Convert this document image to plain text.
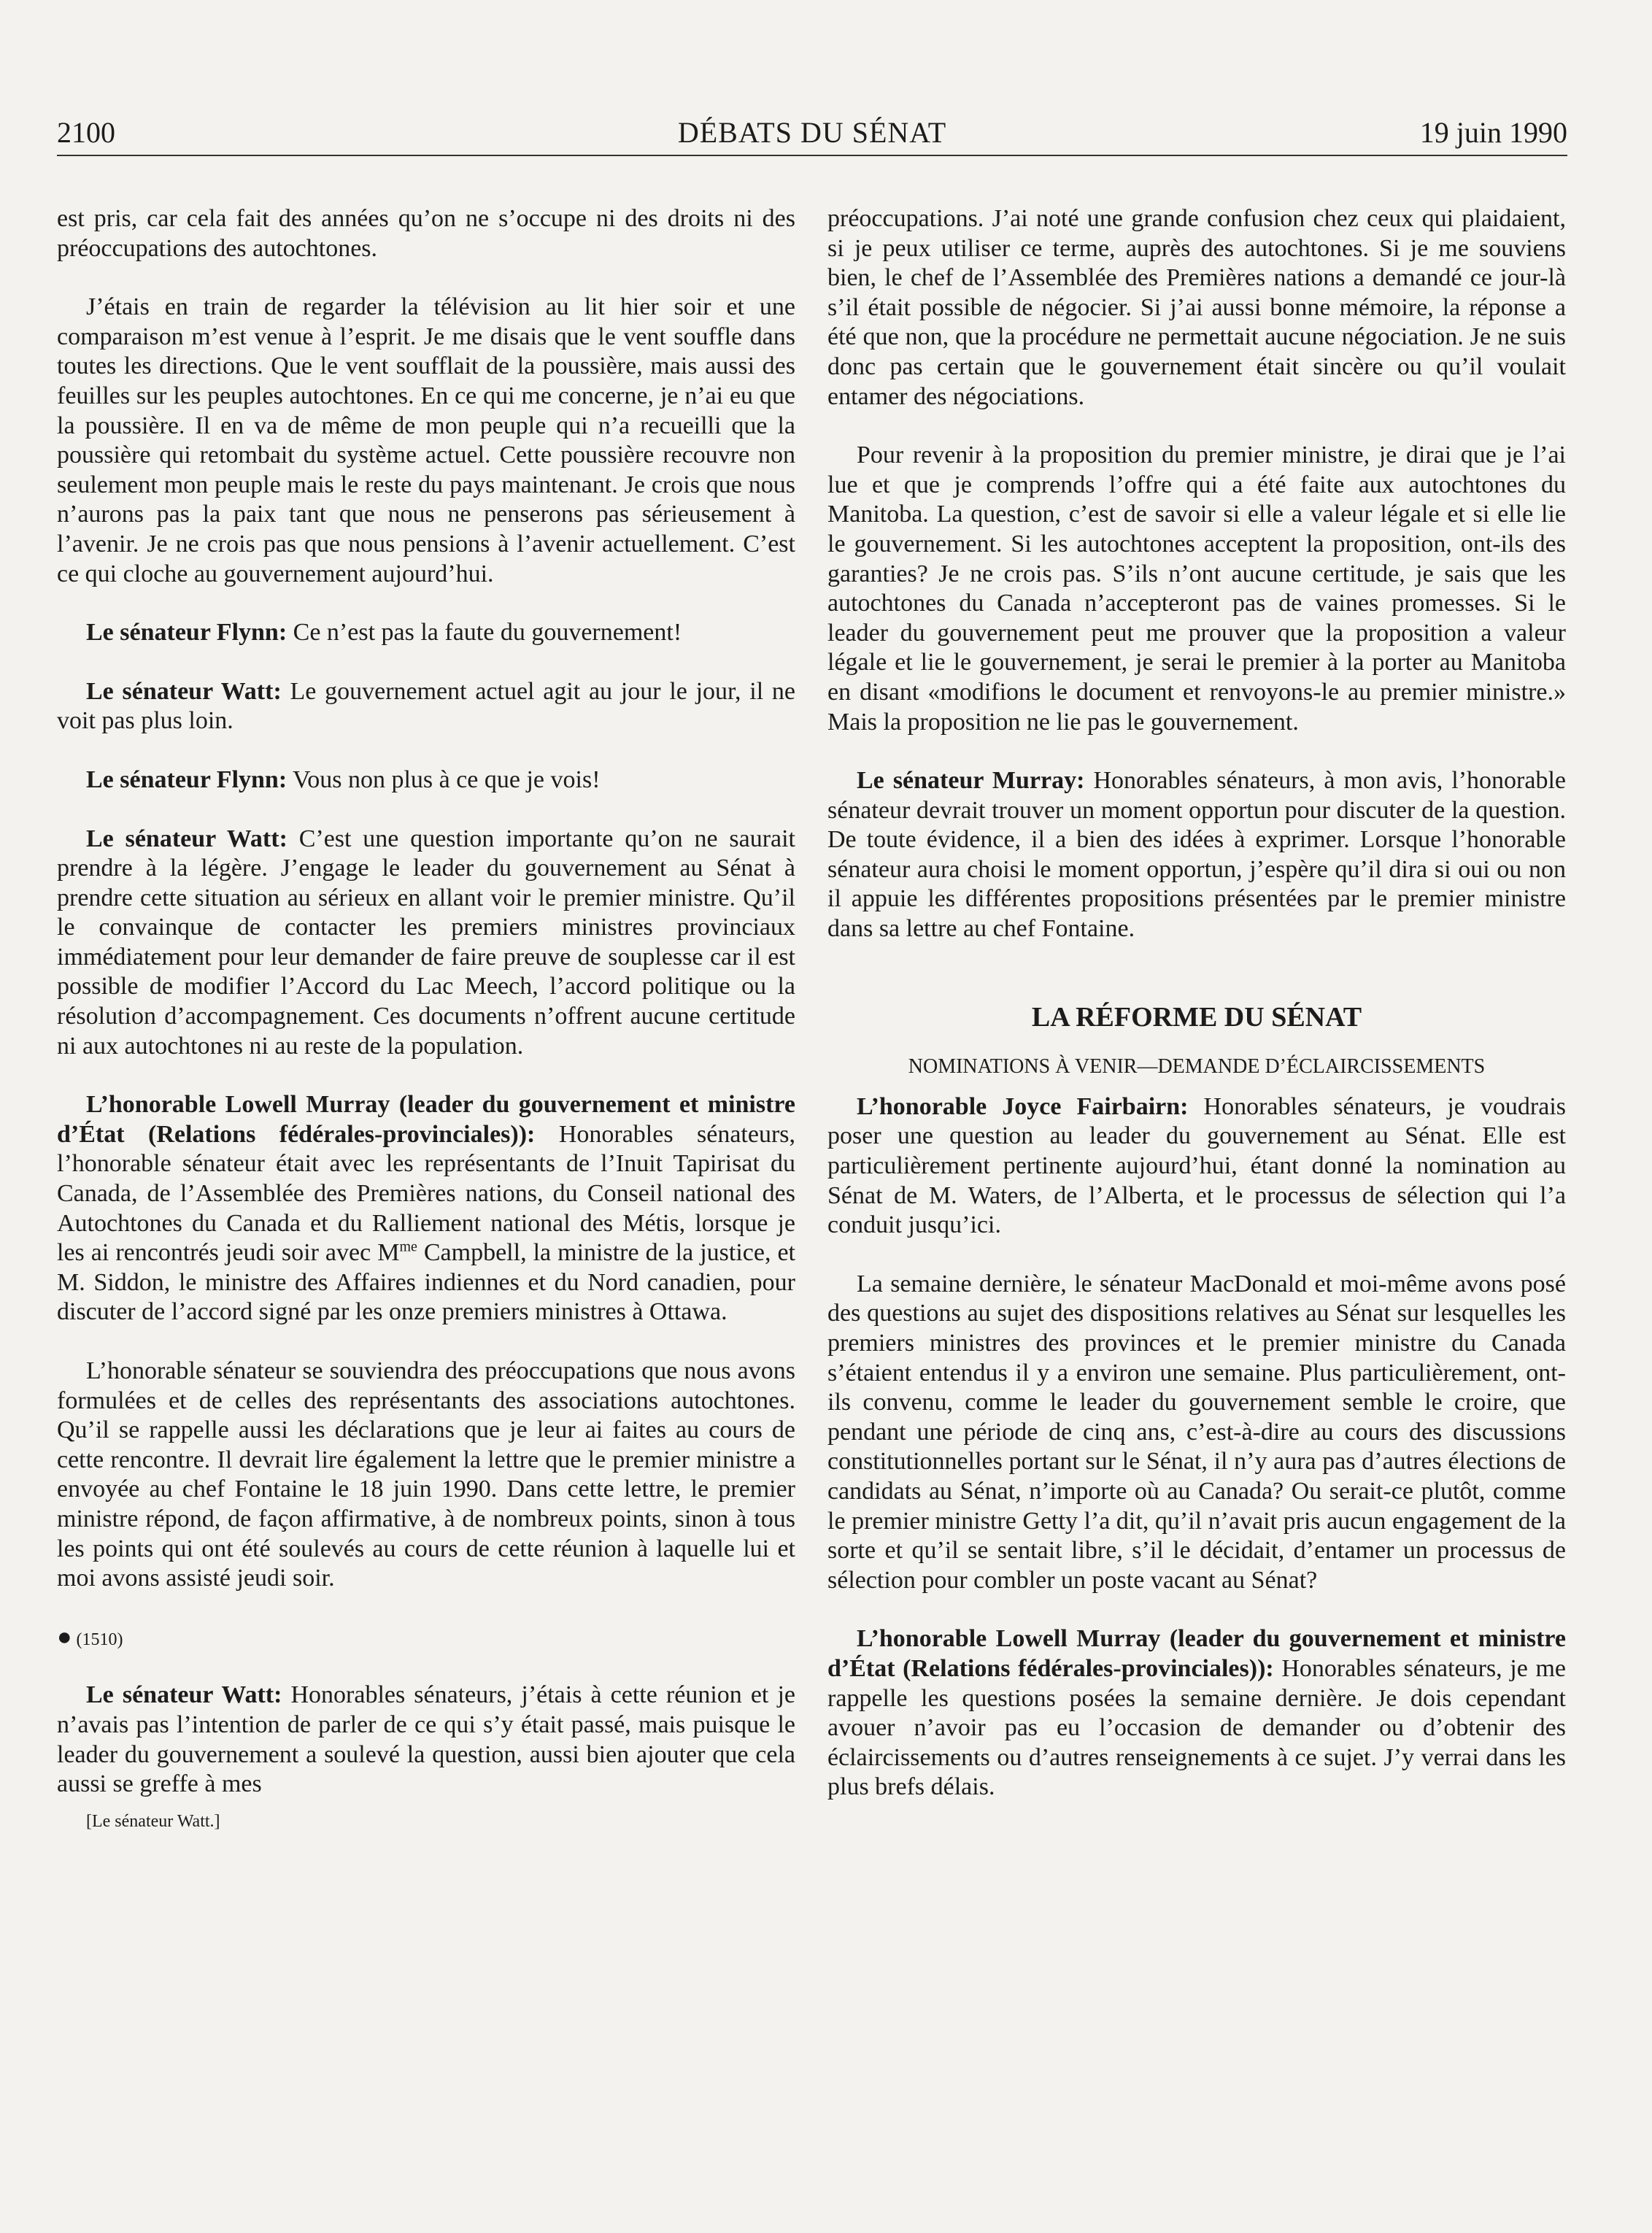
2100	DÉBATS DU SÉNAT	19 juin 1990

est pris, car cela fait des années qu’on ne s’occupe ni des droits ni des préoccupations des autochtones.

J’étais en train de regarder la télévision au lit hier soir et une comparaison m’est venue à l’esprit. Je me disais que le vent souffle dans toutes les directions. Que le vent soufflait de la poussière, mais aussi des feuilles sur les peuples autochtones. En ce qui me concerne, je n’ai eu que la poussière. Il en va de même de mon peuple qui n’a recueilli que la poussière qui retombait du système actuel. Cette poussière recouvre non seulement mon peuple mais le reste du pays maintenant. Je crois que nous n’aurons pas la paix tant que nous ne penserons pas sérieusement à l’avenir. Je ne crois pas que nous pensions à l’avenir actuellement. C’est ce qui cloche au gouvernement aujourd’hui.

Le sénateur Flynn: Ce n’est pas la faute du gouvernement!

Le sénateur Watt: Le gouvernement actuel agit au jour le jour, il ne voit pas plus loin.

Le sénateur Flynn: Vous non plus à ce que je vois!

Le sénateur Watt: C’est une question importante qu’on ne saurait prendre à la légère. J’engage le leader du gouvernement au Sénat à prendre cette situation au sérieux en allant voir le premier ministre. Qu’il le convainque de contacter les premiers ministres provinciaux immédiatement pour leur demander de faire preuve de souplesse car il est possible de modifier l’Accord du Lac Meech, l’accord politique ou la résolution d’accompagnement. Ces documents n’offrent aucune certitude ni aux autochtones ni au reste de la population.

L’honorable Lowell Murray (leader du gouvernement et ministre d’État (Relations fédérales-provinciales)): Honorables sénateurs, l’honorable sénateur était avec les représentants de l’Inuit Tapirisat du Canada, de l’Assemblée des Premières nations, du Conseil national des Autochtones du Canada et du Ralliement national des Métis, lorsque je les ai rencontrés jeudi soir avec $M^{me}$ Campbell, la ministre de la justice, et M. Siddon, le ministre des Affaires indiennes et du Nord canadien, pour discuter de l’accord signé par les onze premiers ministres à Ottawa.

L’honorable sénateur se souviendra des préoccupations que nous avons formulées et de celles des représentants des associations autochtones. Qu’il se rappelle aussi les déclarations que je leur ai faites au cours de cette rencontre. Il devrait lire également la lettre que le premier ministre a envoyée au chef Fontaine le 18 juin 1990. Dans cette lettre, le premier ministre répond, de façon affirmative, à de nombreux points, sinon à tous les points qui ont été soulevés au cours de cette réunion à laquelle lui et moi avons assisté jeudi soir.

● (1510)

Le sénateur Watt: Honorables sénateurs, j’étais à cette réunion et je n’avais pas l’intention de parler de ce qui s’y était passé, mais puisque le leader du gouvernement a soulevé la question, aussi bien ajouter que cela aussi se greffe à mes

[Le sénateur Watt.]

préoccupations. J’ai noté une grande confusion chez ceux qui plaidaient, si je peux utiliser ce terme, auprès des autochtones. Si je me souviens bien, le chef de l’Assemblée des Premières nations a demandé ce jour-là s’il était possible de négocier. Si j’ai aussi bonne mémoire, la réponse a été que non, que la procédure ne permettait aucune négociation. Je ne suis donc pas certain que le gouvernement était sincère ou qu’il voulait entamer des négociations.

Pour revenir à la proposition du premier ministre, je dirai que je l’ai lue et que je comprends l’offre qui a été faite aux autochtones du Manitoba. La question, c’est de savoir si elle a valeur légale et si elle lie le gouvernement. Si les autochtones acceptent la proposition, ont-ils des garanties? Je ne crois pas. S’ils n’ont aucune certitude, je sais que les autochtones du Canada n’accepteront pas de vaines promesses. Si le leader du gouvernement peut me prouver que la proposition a valeur légale et lie le gouvernement, je serai le premier à la porter au Manitoba en disant «modifions le document et renvoyons-le au premier ministre.» Mais la proposition ne lie pas le gouvernement.

Le sénateur Murray: Honorables sénateurs, à mon avis, l’honorable sénateur devrait trouver un moment opportun pour discuter de la question. De toute évidence, il a bien des idées à exprimer. Lorsque l’honorable sénateur aura choisi le moment opportun, j’espère qu’il dira si oui ou non il appuie les différentes propositions présentées par le premier ministre dans sa lettre au chef Fontaine.

LA RÉFORME DU SÉNAT
NOMINATIONS À VENIR—DEMANDE D’ÉCLAIRCISSEMENTS

L’honorable Joyce Fairbairn: Honorables sénateurs, je voudrais poser une question au leader du gouvernement au Sénat. Elle est particulièrement pertinente aujourd’hui, étant donné la nomination au Sénat de M. Waters, de l’Alberta, et le processus de sélection qui l’a conduit jusqu’ici.

La semaine dernière, le sénateur MacDonald et moi-même avons posé des questions au sujet des dispositions relatives au Sénat sur lesquelles les premiers ministres des provinces et le premier ministre du Canada s’étaient entendus il y a environ une semaine. Plus particulièrement, ont-ils convenu, comme le leader du gouvernement semble le croire, que pendant une période de cinq ans, c’est-à-dire au cours des discussions constitutionnelles portant sur le Sénat, il n’y aura pas d’autres élections de candidats au Sénat, n’importe où au Canada? Ou serait-ce plutôt, comme le premier ministre Getty l’a dit, qu’il n’avait pris aucun engagement de la sorte et qu’il se sentait libre, s’il le décidait, d’entamer un processus de sélection pour combler un poste vacant au Sénat?

L’honorable Lowell Murray (leader du gouvernement et ministre d’État (Relations fédérales-provinciales)): Honorables sénateurs, je me rappelle les questions posées la semaine dernière. Je dois cependant avouer n’avoir pas eu l’occasion de demander ou d’obtenir des éclaircissements ou d’autres renseignements à ce sujet. J’y verrai dans les plus brefs délais.
